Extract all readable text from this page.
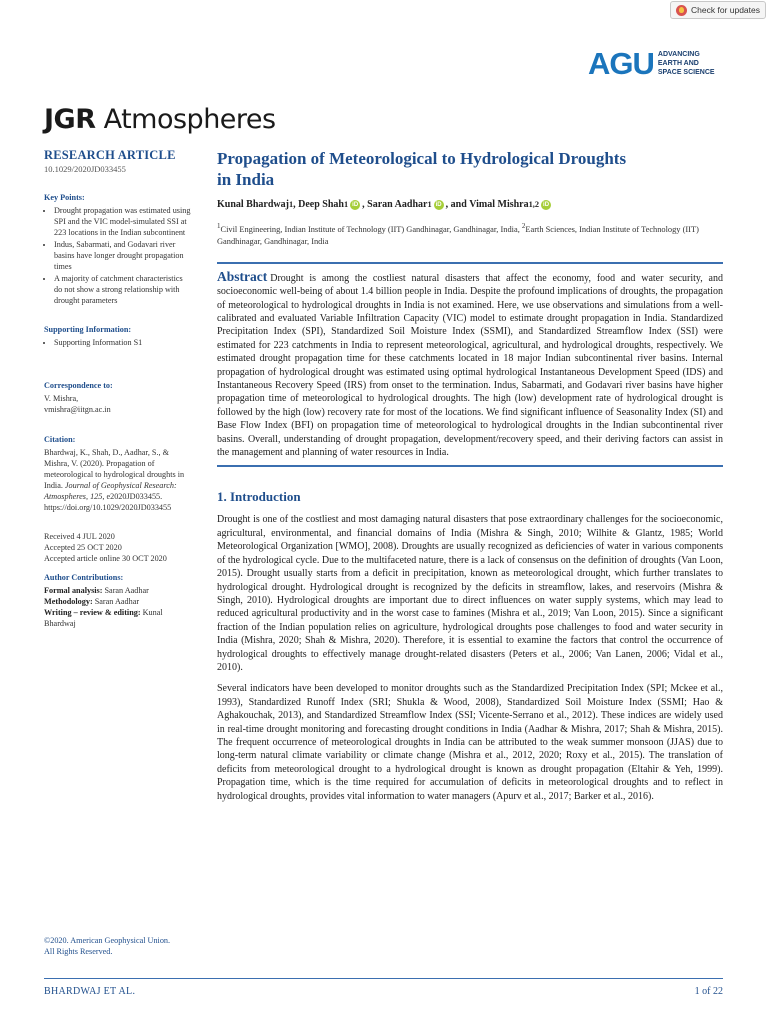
Check for updates
AGU ADVANCING
EARTH AND
SPACE SCIENCE
JGR Atmospheres
RESEARCH ARTICLE
10.1029/2020JD033455
Key Points:
• Drought propagation was estimated using SPI and the VIC model-simulated SSI at 223 locations in the Indian subcontinent
• Indus, Sabarmati, and Godavari river basins have longer drought propagation times
• A majority of catchment characteristics do not show a strong relationship with drought parameters
Supporting Information:
• Supporting Information S1
Correspondence to:

V. Mishra,

vmishra@iitgn.ac.in

Citation:

Bhardwaj, K., Shah, D., Aadhar, S., & Mishra, V. (2020). Propagation of meteorological to hydrological droughts in India. Journal of Geophysical Research: Atmospheres, 125, e2020JD033455. https://doi.org/10.1029/2020JD033455

Received 4 JUL 2020

Accepted 25 OCT 2020

Accepted article online 30 OCT 2020

Author Contributions:

Formal analysis: Saran Aadhar

Methodology: Saran Aadhar

Writing – review & editing: Kunal Bhardwaj

©2020. American Geophysical Union.
All Rights Reserved.
Propagation of Meteorological to Hydrological Droughts in India
Kunal Bhardwaj 1 , Deep Shah 1 iD , Saran Aadhar 1 iD , and Vimal Mishra 1,2 iD
$^1$Civil Engineering, Indian Institute of Technology (IIT) Gandhinagar, Gandhinagar, India, $^2$Earth Sciences, Indian Institute of Technology (IIT) Gandhinagar, Gandhinagar, India
Abstract Drought is among the costliest natural disasters that affect the economy, food and water security, and socioeconomic well-being of about 1.4 billion people in India. Despite the profound implications of droughts, the propagation of meteorological to hydrological droughts in India is not examined. Here, we use observations and simulations from a well-calibrated and evaluated Variable Infiltration Capacity (VIC) model to estimate drought propagation in India. Standardized Precipitation Index (SPI), Standardized Soil Moisture Index (SSMI), and Standardized Streamflow Index (SSI) were estimated for 223 catchments in India to represent meteorological, agricultural, and hydrological droughts, respectively. We estimated drought propagation time for these catchments located in 18 major Indian subcontinental river basins. Internal propagation of hydrological drought was estimated using optimal hydrological Instantaneous Development Speed (IDS) and Instantaneous Recovery Speed (IRS) from onset to the termination. Indus, Sabarmati, and Godavari river basins have higher propagation time of meteorological to hydrological droughts. The high (low) development rate of hydrological drought is followed by the high (low) recovery rate for most of the locations. We find significant influence of Seasonality Index (SI) and Base Flow Index (BFI) on propagation time of meteorological to hydrological droughts in the Indian subcontinental river basins. Overall, understanding of drought propagation, development/recovery speed, and their deriving factors can assist in the management and planning of water resources in India.
1. Introduction
Drought is one of the costliest and most damaging natural disasters that pose extraordinary challenges for the socioeconomic, agricultural, environmental, and financial domains of India (Mishra & Singh, 2010; Wilhite & Glantz, 1985; World Meteorological Organization [WMO], 2008). Droughts are usually recognized as deficiencies of water in various components of the hydrological cycle. Due to the multifaceted nature, there is a lack of consensus on the definition of droughts (Van Loon, 2015). Drought usually starts from a deficit in precipitation, known as meteorological drought, which further translates to hydrological drought. Hydrological drought is recognized by the deficits in streamflow, lakes, and reservoirs (Mishra & Singh, 2010). Hydrological droughts are important due to direct influences on water supply systems, which may lead to reduced agricultural productivity and in the worst case to famines (Mishra et al., 2019; Van Loon, 2015). Since a significant fraction of the Indian population relies on agriculture, hydrological droughts pose challenges to food and water security in India (Mishra, 2020; Shah & Mishra, 2020). Therefore, it is essential to examine the factors that control the occurrence of hydrological droughts to effectively manage drought-related disasters (Peters et al., 2006; Van Lanen, 2006; Vidal et al., 2010).
Several indicators have been developed to monitor droughts such as the Standardized Precipitation Index (SPI; Mckee et al., 1993), Standardized Runoff Index (SRI; Shukla & Wood, 2008), Standardized Soil Moisture Index (SSMI; Hao & Aghakouchak, 2013), and Standardized Streamflow Index (SSI; Vicente-Serrano et al., 2012). These indices are widely used in real-time drought monitoring and forecasting drought conditions in India (Aadhar & Mishra, 2017; Shah & Mishra, 2015). The frequent occurrence of meteorological droughts in India can be attributed to the weak summer monsoon (JJAS) due to long-term natural climate variability or climate change (Mishra et al., 2012, 2020; Roxy et al., 2015). The translation of deficits from meteorological drought to a hydrological drought is known as drought propagation (Eltahir & Yeh, 1999). Propagation time, which is the time required for accumulation of deficits in meteorological droughts and to reflect in hydrological droughts, provides vital information to water managers (Apurv et al., 2017; Barker et al., 2016).
BHARDWAJ ET AL.	1 of 22
